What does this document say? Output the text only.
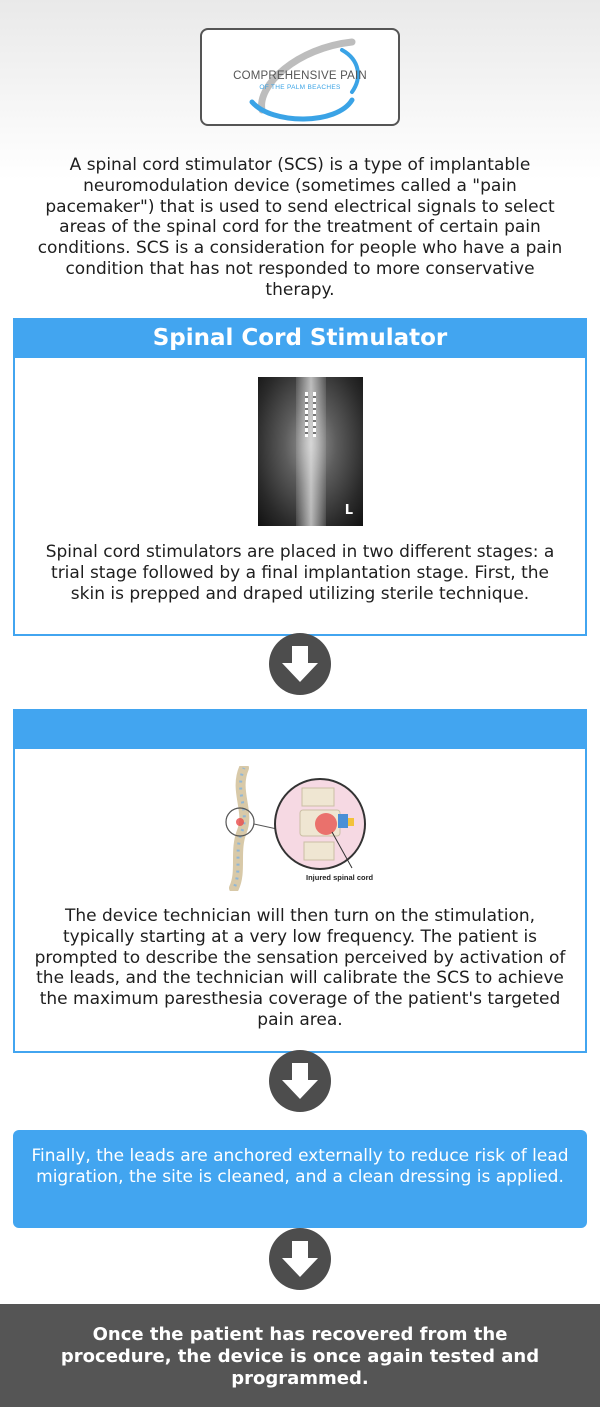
COMPREHENSIVE PAIN
OF THE PALM BEACHES

A spinal cord stimulator (SCS) is a type of implantable neuromodulation device (sometimes called a "pain pacemaker") that is used to send electrical signals to select areas of the spinal cord for the treatment of certain pain conditions. SCS is a consideration for people who have a pain condition that has not responded to more conservative therapy.

Spinal Cord Stimulator
L

Spinal cord stimulators are placed in two different stages: a trial stage followed by a final implantation stage. First, the skin is prepped and draped utilizing sterile technique.

Injured spinal cord

The device technician will then turn on the stimulation, typically starting at a very low frequency. The patient is prompted to describe the sensation perceived by activation of the leads, and the technician will calibrate the SCS to achieve the maximum paresthesia coverage of the patient's targeted pain area.

Finally, the leads are anchored externally to reduce risk of lead migration, the site is cleaned, and a clean dressing is applied.

Once the patient has recovered from the procedure, the device is once again tested and programmed.
